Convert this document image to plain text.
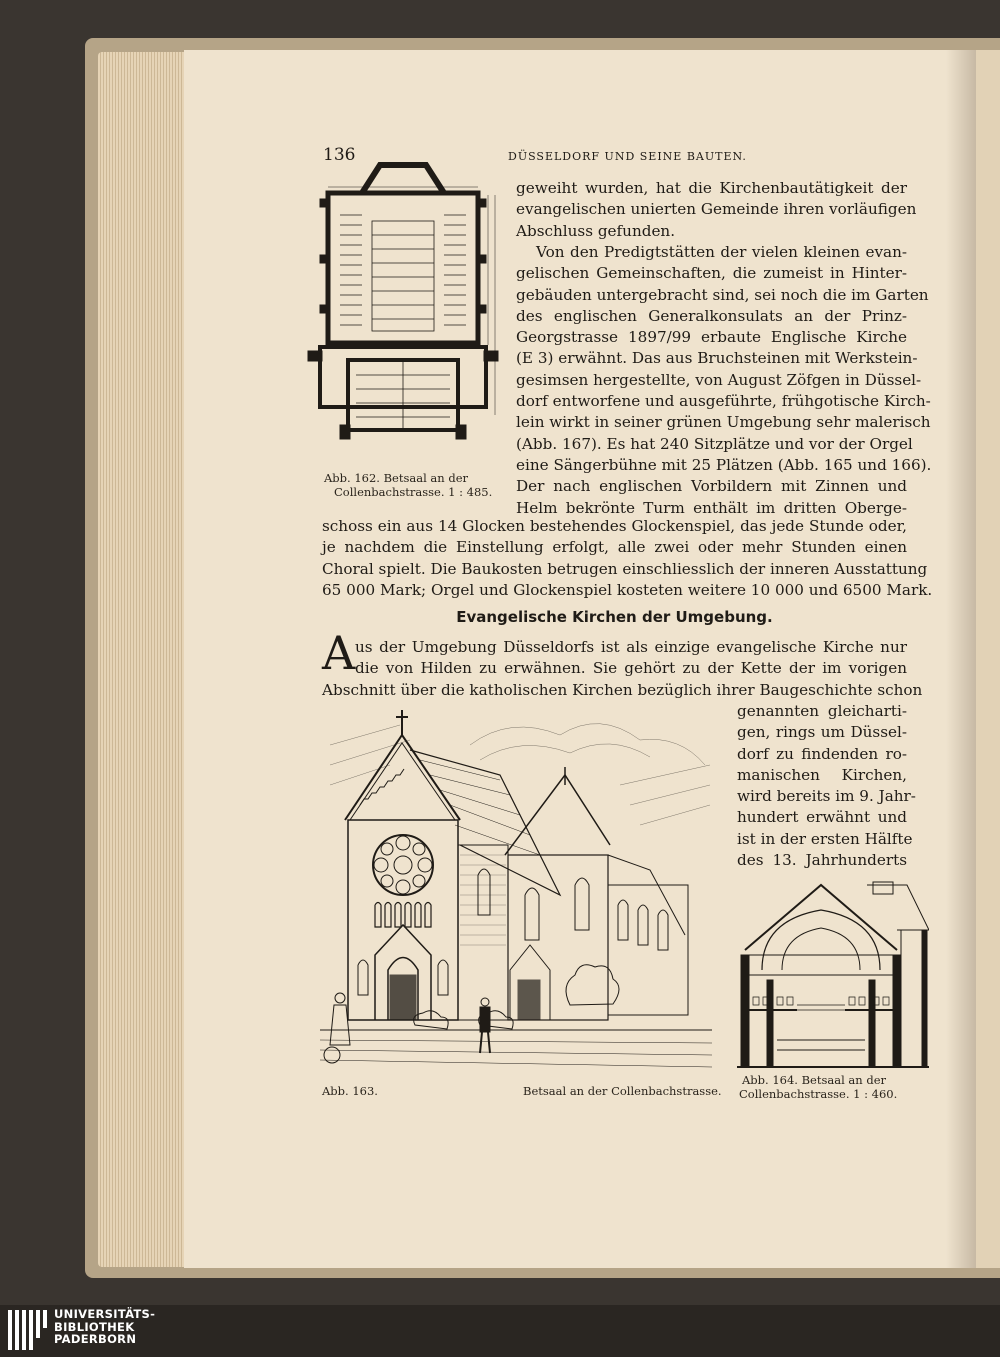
136	DÜSSELDORF UND SEINE BAUTEN.
geweiht wurden, hat die Kirchenbautätigkeit der
evangelischen unierten Gemeinde ihren vorläufigen
Abschluss gefunden.
Von den Predigtstätten der vielen kleinen evan-
gelischen Gemeinschaften, die zumeist in Hinter-
gebäuden untergebracht sind, sei noch die im Garten
des englischen Generalkonsulats an der Prinz-
Georgstrasse 1897/99 erbaute Englische Kirche
(E 3) erwähnt. Das aus Bruchsteinen mit Werkstein-
gesimsen hergestellte, von August Zöfgen in Düssel-
dorf entworfene und ausgeführte, frühgotische Kirch-
lein wirkt in seiner grünen Umgebung sehr malerisch
(Abb. 167). Es hat 240 Sitzplätze und vor der Orgel
eine Sängerbühne mit 25 Plätzen (Abb. 165 und 166).
Der nach englischen Vorbildern mit Zinnen und
Helm bekrönte Turm enthält im dritten Oberge-
Abb. 162. Betsaal an der
Collenbachstrasse. 1 : 485.
schoss ein aus 14 Glocken bestehendes Glockenspiel, das jede Stunde oder,
je nachdem die Einstellung erfolgt, alle zwei oder mehr Stunden einen
Choral spielt. Die Baukosten betrugen einschliesslich der inneren Ausstattung
65 000 Mark; Orgel und Glockenspiel kosteten weitere 10 000 und 6500 Mark.
Evangelische Kirchen der Umgebung.
A us der Umgebung Düsseldorfs ist als einzige evangelische Kirche nur
die von Hilden zu erwähnen. Sie gehört zu der Kette der im vorigen
Abschnitt über die katholischen Kirchen bezüglich ihrer Baugeschichte schon
genannten gleicharti-
gen, rings um Düssel-
dorf zu findenden ro-
manischen Kirchen,
wird bereits im 9. Jahr-
hundert erwähnt und
ist in der ersten Hälfte
des 13. Jahrhunderts
Abb. 163.	Betsaal an der Collenbachstrasse.
Abb. 164. Betsaal an der
Collenbachstrasse. 1 : 460.
UNIVERSITÄTS-
BIBLIOTHEK
PADERBORN
